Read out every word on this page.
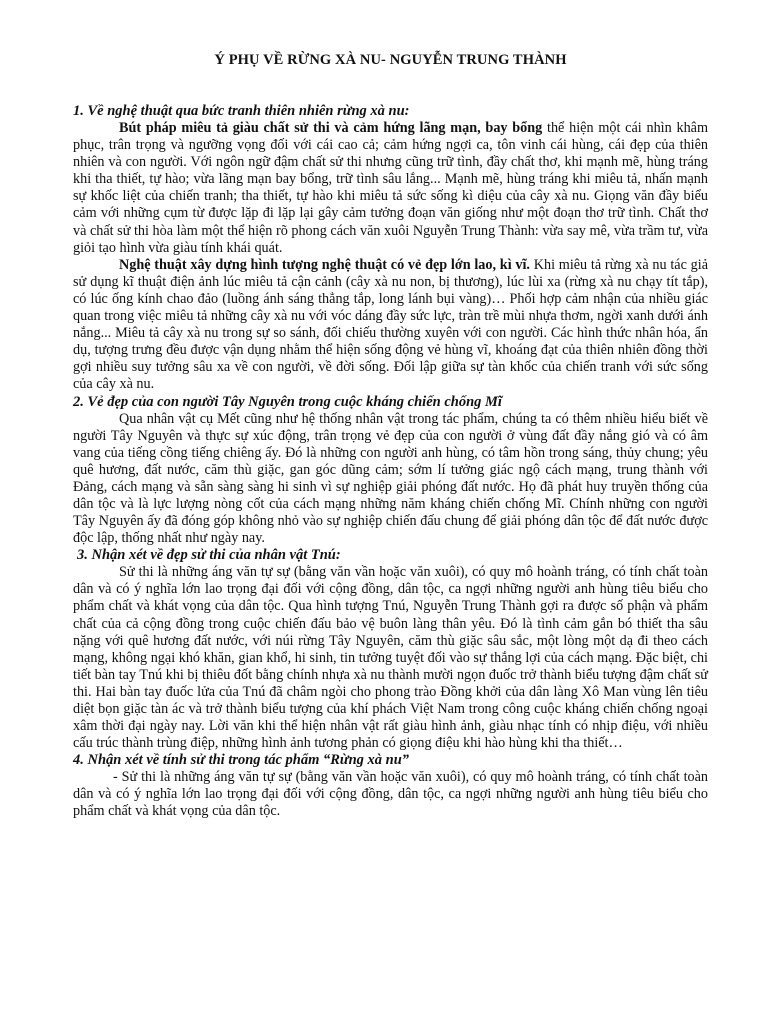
Ý PHỤ VỀ RỪNG XÀ NU- NGUYỄN TRUNG THÀNH
1. Về nghệ thuật qua bức tranh thiên nhiên rừng xà nu:

Bút pháp miêu tả giàu chất sử thi và cảm hứng lãng mạn, bay bổng thể hiện một cái nhìn khâm phục, trân trọng và ngưỡng vọng đối với cái cao cả; cảm hứng ngợi ca, tôn vinh cái hùng, cái đẹp của thiên nhiên và con người. Với ngôn ngữ đậm chất sử thi nhưng cũng trữ tình, đầy chất thơ, khi mạnh mẽ, hùng tráng khi tha thiết, tự hào; vừa lãng mạn bay bổng, trữ tình sâu lắng... Mạnh mẽ, hùng tráng khi miêu tả, nhấn mạnh sự khốc liệt của chiến tranh; tha thiết, tự hào khi miêu tả sức sống kì diệu của cây xà nu. Giọng văn đầy biểu cảm với những cụm từ được lặp đi lặp lại gây cảm tưởng đoạn văn giống như một đoạn thơ trữ tình. Chất thơ và chất sử thi hòa làm một thể hiện rõ phong cách văn xuôi Nguyễn Trung Thành: vừa say mê, vừa trầm tư, vừa giỏi tạo hình vừa giàu tính khái quát.

Nghệ thuật xây dựng hình tượng nghệ thuật có vẻ đẹp lớn lao, kì vĩ. Khi miêu tả rừng xà nu tác giả sử dụng kĩ thuật điện ảnh lúc miêu tả cận cảnh (cây xà nu non, bị thương), lúc lùi xa (rừng xà nu chạy tít tắp), có lúc ống kính chao đảo (luồng ánh sáng thẳng tắp, long lánh bụi vàng)… Phối hợp cảm nhận của nhiều giác quan trong việc miêu tả những cây xà nu với vóc dáng đầy sức lực, tràn trề mùi nhựa thơm, ngời xanh dưới ánh nắng... Miêu tả cây xà nu trong sự so sánh, đối chiếu thường xuyên với con người. Các hình thức nhân hóa, ẩn dụ, tượng trưng đều được vận dụng nhằm thể hiện sống động vẻ hùng vĩ, khoáng đạt của thiên nhiên đồng thời gợi nhiều suy tưởng sâu xa về con người, về đời sống. Đối lập giữa sự tàn khốc của chiến tranh với sức sống của cây xà nu.

2. Vẻ đẹp của con người Tây Nguyên trong cuộc kháng chiến chống Mĩ

Qua nhân vật cụ Mết cũng như hệ thống nhân vật trong tác phẩm, chúng ta có thêm nhiều hiểu biết về người Tây Nguyên và thực sự xúc động, trân trọng vẻ đẹp của con người ở vùng đất đầy nắng gió và có âm vang của tiếng cồng tiếng chiêng ấy. Đó là những con người anh hùng, có tâm hồn trong sáng, thủy chung; yêu quê hương, đất nước, căm thù giặc, gan góc dũng cảm; sớm lí tưởng giác ngộ cách mạng, trung thành với Đảng, cách mạng và sẵn sàng sàng hi sinh vì sự nghiệp giải phóng đất nước. Họ đã phát huy truyền thống của dân tộc và là lực lượng nòng cốt của cách mạng những năm kháng chiến chống Mĩ. Chính những con người Tây Nguyên ấy đã đóng góp không nhỏ vào sự nghiệp chiến đấu chung để giải phóng dân tộc để đất nước được độc lập, thống nhất như ngày nay.

3. Nhận xét về đẹp sử thi của nhân vật Tnú:

Sử thi là những áng văn tự sự (bằng văn vần hoặc văn xuôi), có quy mô hoành tráng, có tính chất toàn dân và có ý nghĩa lớn lao trọng đại đối với cộng đồng, dân tộc, ca ngợi những người anh hùng tiêu biểu cho phẩm chất và khát vọng của dân tộc. Qua hình tượng Tnú, Nguyễn Trung Thành gợi ra được số phận và phẩm chất của cả cộng đồng trong cuộc chiến đấu bảo vệ buôn làng thân yêu. Đó là tình cảm gắn bó thiết tha sâu nặng với quê hương đất nước, với núi rừng Tây Nguyên, căm thù giặc sâu sắc, một lòng một dạ đi theo cách mạng, không ngại khó khăn, gian khổ, hi sinh, tin tưởng tuyệt đối vào sự thắng lợi của cách mạng. Đặc biệt, chi tiết bàn tay Tnú khi bị thiêu đốt bằng chính nhựa xà nu thành mười ngọn đuốc trở thành biểu tượng đậm chất sử thi. Hai bàn tay đuốc lửa của Tnú đã châm ngòi cho phong trào Đồng khởi của dân làng Xô Man vùng lên tiêu diệt bọn giặc tàn ác và trở thành biểu tượng của khí phách Việt Nam trong công cuộc kháng chiến chống ngoại xâm thời đại ngày nay. Lời văn khi thể hiện nhân vật rất giàu hình ảnh, giàu nhạc tính có nhịp điệu, với nhiều cấu trúc thành trùng điệp, những hình ảnh tương phản có giọng điệu khi hào hùng khi tha thiết…

4. Nhận xét về tính sử thi trong tác phẩm “Rừng xà nu”

- Sử thi là những áng văn tự sự (bằng văn vần hoặc văn xuôi), có quy mô hoành tráng, có tính chất toàn dân và có ý nghĩa lớn lao trọng đại đối với cộng đồng, dân tộc, ca ngợi những người anh hùng tiêu biểu cho phẩm chất và khát vọng của dân tộc.
